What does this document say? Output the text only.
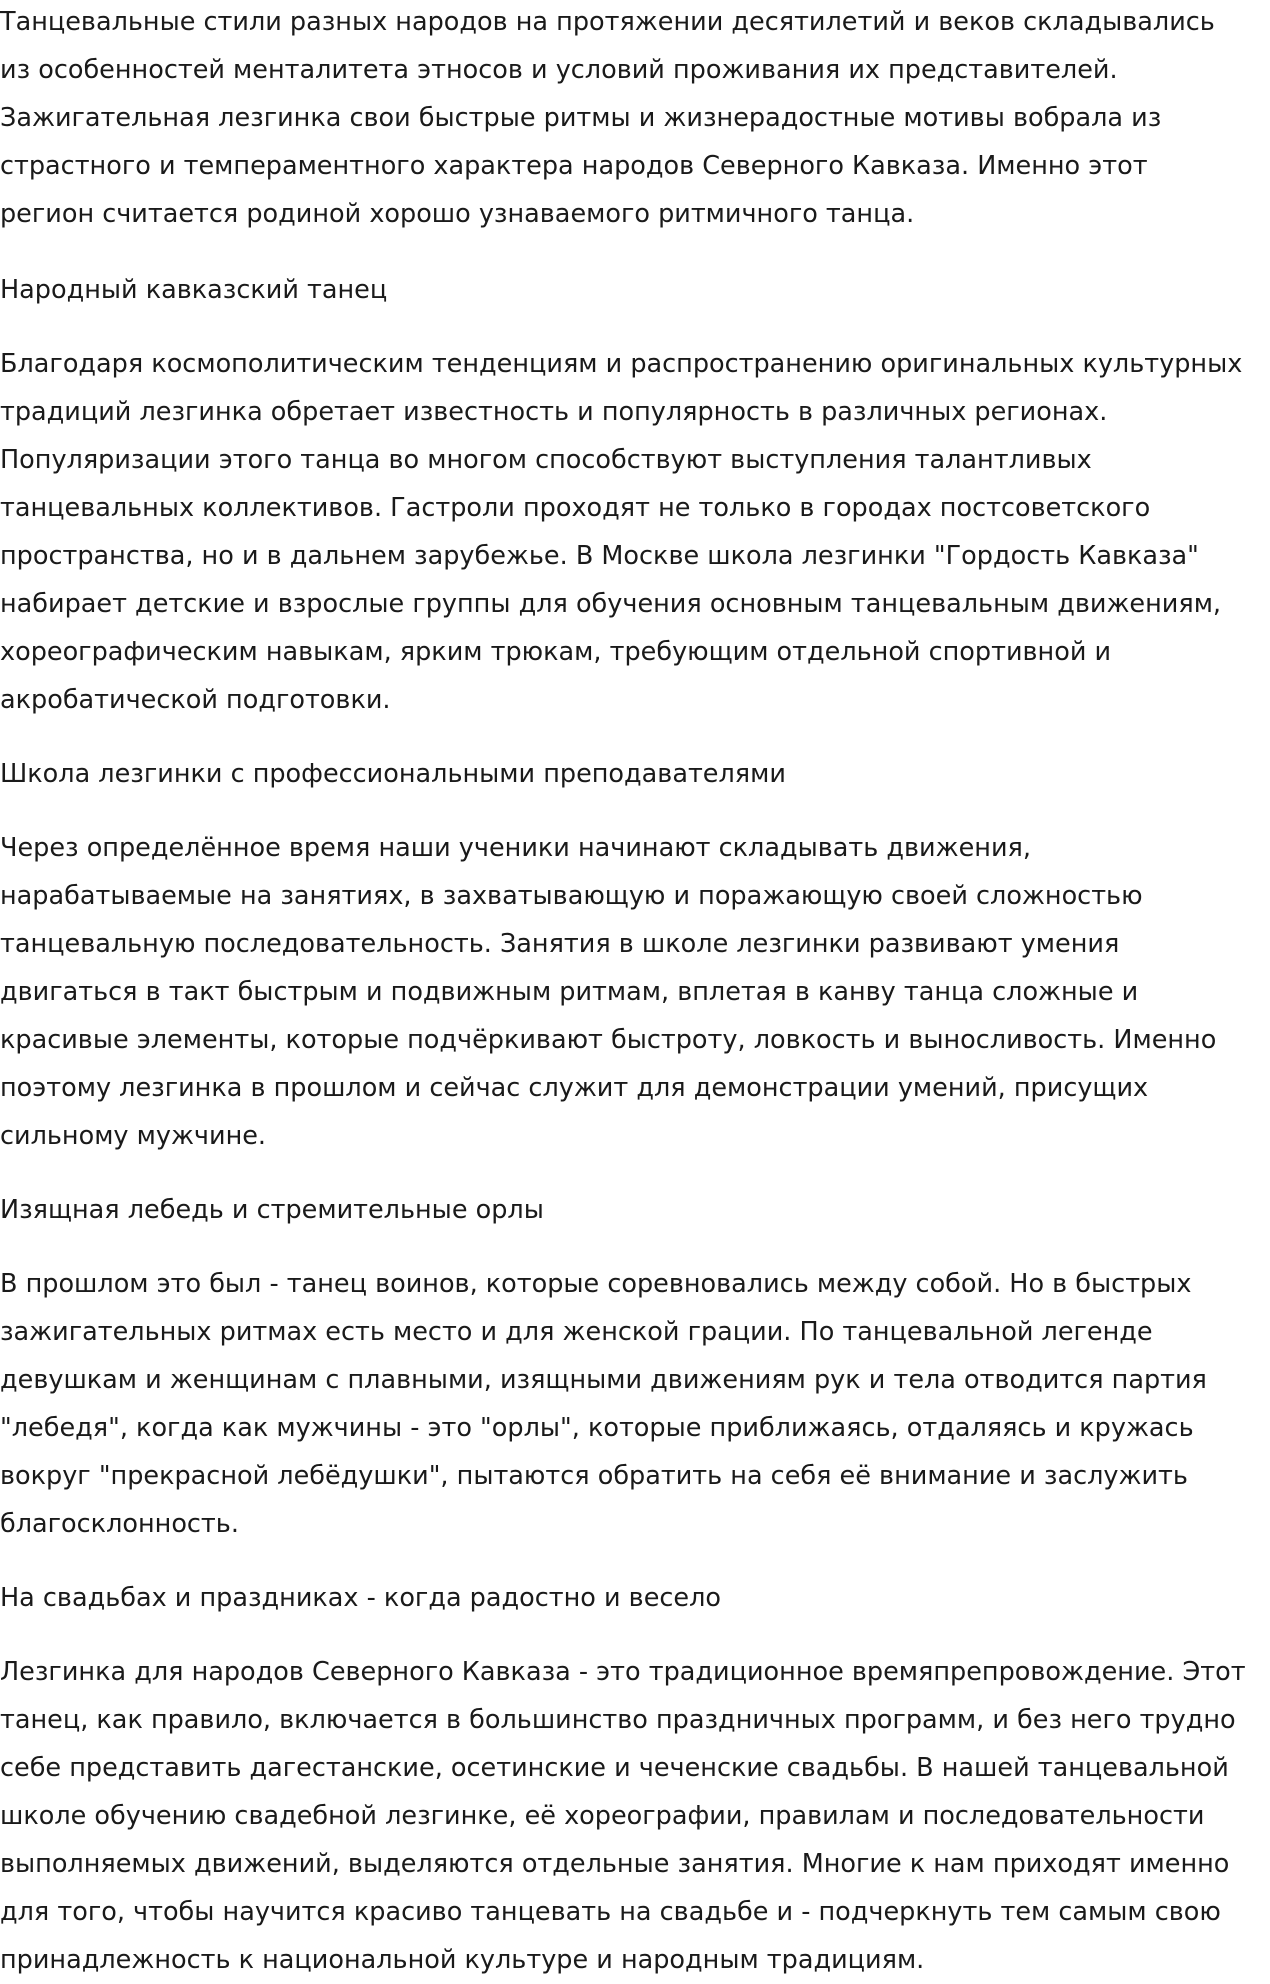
Танцевальные стили разных народов на протяжении десятилетий и веков складывались
из особенностей менталитета этносов и условий проживания их представителей.
Зажигательная лезгинка свои быстрые ритмы и жизнерадостные мотивы вобрала из
страстного и темпераментного характера народов Северного Кавказа. Именно этот
регион считается родиной хорошо узнаваемого ритмичного танца.

Народный кавказский танец

Благодаря космополитическим тенденциям и распространению оригинальных культурных
традиций лезгинка обретает известность и популярность в различных регионах.
Популяризации этого танца во многом способствуют выступления талантливых
танцевальных коллективов. Гастроли проходят не только в городах постсоветского
пространства, но и в дальнем зарубежье. В Москве школа лезгинки "Гордость Кавказа"
набирает детские и взрослые группы для обучения основным танцевальным движениям,
хореографическим навыкам, ярким трюкам, требующим отдельной спортивной и
акробатической подготовки.

Школа лезгинки с профессиональными преподавателями

Через определённое время наши ученики начинают складывать движения,
нарабатываемые на занятиях, в захватывающую и поражающую своей сложностью
танцевальную последовательность. Занятия в школе лезгинки развивают умения
двигаться в такт быстрым и подвижным ритмам, вплетая в канву танца сложные и
красивые элементы, которые подчёркивают быстроту, ловкость и выносливость. Именно
поэтому лезгинка в прошлом и сейчас служит для демонстрации умений, присущих
сильному мужчине.

Изящная лебедь и стремительные орлы

В прошлом это был - танец воинов, которые соревновались между собой. Но в быстрых
зажигательных ритмах есть место и для женской грации. По танцевальной легенде
девушкам и женщинам с плавными, изящными движениям рук и тела отводится партия
"лебедя", когда как мужчины - это "орлы", которые приближаясь, отдаляясь и кружась
вокруг "прекрасной лебёдушки", пытаются обратить на себя её внимание и заслужить
благосклонность.

На свадьбах и праздниках - когда радостно и весело

Лезгинка для народов Северного Кавказа - это традиционное времяпрепровождение. Этот
танец, как правило, включается в большинство праздничных программ, и без него трудно
себе представить дагестанские, осетинские и чеченские свадьбы. В нашей танцевальной
школе обучению свадебной лезгинке, её хореографии, правилам и последовательности
выполняемых движений, выделяются отдельные занятия. Многие к нам приходят именно
для того, чтобы научится красиво танцевать на свадьбе и - подчеркнуть тем самым свою
принадлежность к национальной культуре и народным традициям.
